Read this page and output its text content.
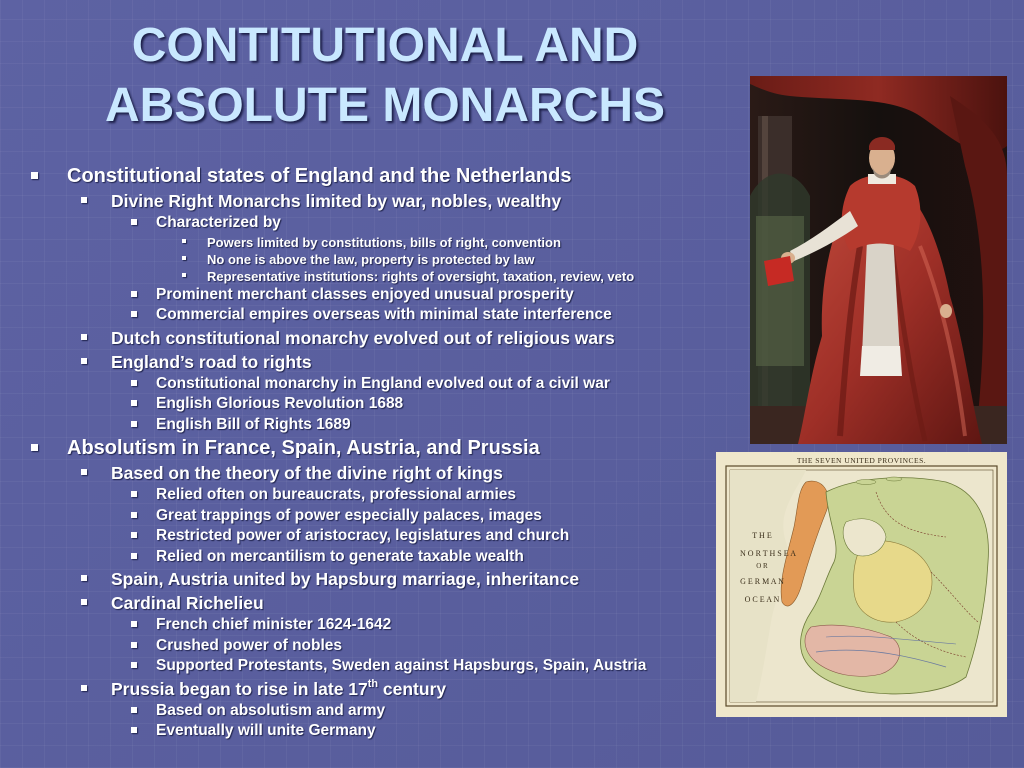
CONTITUTIONAL AND
ABSOLUTE MONARCHS
Constitutional states of England and the Netherlands
Divine Right Monarchs limited by war, nobles, wealthy
Characterized by
Powers limited by constitutions, bills of right, convention
No one is above the law, property is protected by law
Representative institutions: rights of oversight, taxation, review, veto
Prominent merchant classes enjoyed unusual prosperity
Commercial empires overseas with minimal state interference
Dutch constitutional monarchy evolved out of religious wars
England’s road to rights
Constitutional monarchy in England evolved out of a civil war
English Glorious Revolution 1688
English Bill of Rights 1689
Absolutism in France, Spain, Austria, and Prussia
Based on the theory of the divine right of kings
Relied often on bureaucrats, professional armies
Great trappings of power especially palaces, images
Restricted power of aristocracy, legislatures and church
Relied on mercantilism to generate taxable wealth
Spain, Austria united by Hapsburg marriage, inheritance
Cardinal Richelieu
French chief minister 1624-1642
Crushed power of nobles
Supported Protestants, Sweden against Hapsburgs, Spain, Austria
Prussia began to rise in late 17th century
Based on absolutism and army
Eventually will unite Germany
THE SEVEN UNITED PROVINCES.
T H E
N O R T H S E A
O R
G E R M A N
O C E A N
